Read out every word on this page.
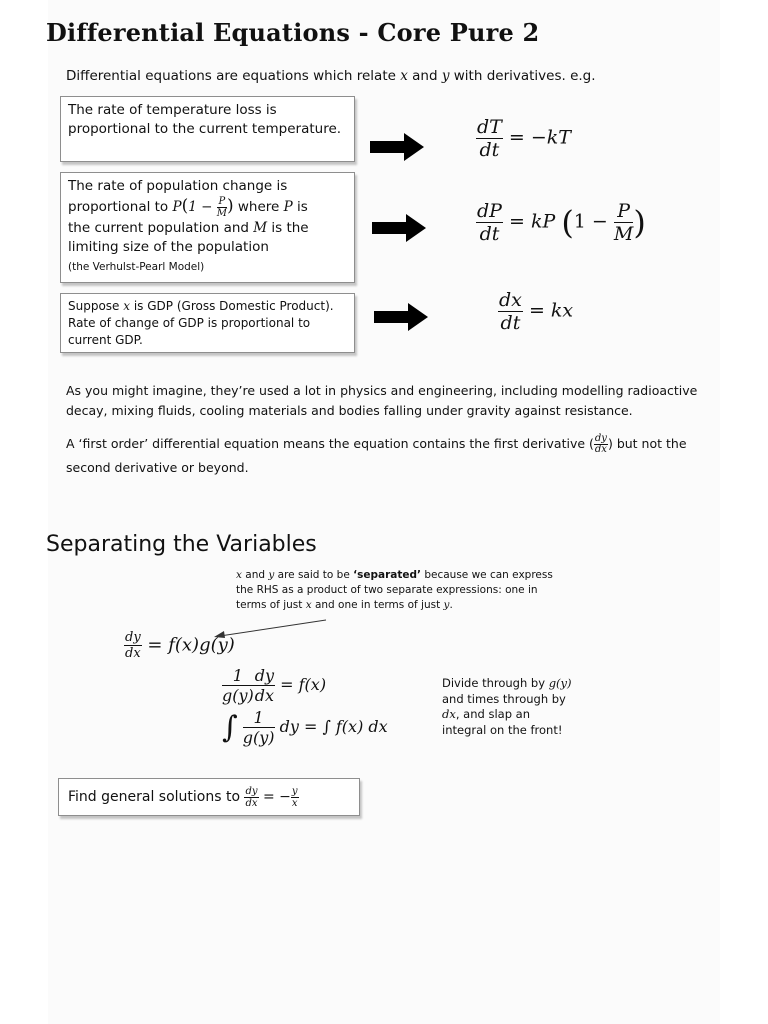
Differential Equations - Core Pure 2
Differential equations are equations which relate x and y with derivatives. e.g.
The rate of temperature loss is proportional to the current temperature.	$\frac{dT}{dt} = -kT$
The rate of population change is
proportional to $P(1 - \frac{P}{M}$ ) where P is
the current population and M is the
limiting size of the population
(the Verhulst-Pearl Model)
$\frac{dP}{dt}$ = kP ($1 - \frac{P}{M}$ )
Suppose x is GDP (Gross Domestic Product). Rate of change of GDP is proportional to current GDP.
$\frac{dx}{dt}$ = kx
As you might imagine, they’re used a lot in physics and engineering, including modelling radioactive decay, mixing fluids, cooling materials and bodies falling under gravity against resistance.
A ‘first order’ differential equation means the equation contains the first derivative ( $\frac{dy}{dx}$ ) but not the second derivative or beyond.
Separating the Variables
x and y are said to be ‘separated’ because we can express the RHS as a product of two separate expressions: one in terms of just x and one in terms of just y.
$\frac{dy}{dx} = f(x)g(y)$
$\frac{1}{g(y)} \frac{dy}{dx} = f(x)$
∫ $\frac{1}{g(y)}$ dy = ∫ f(x) dx
Divide through by g(y) and times through by dx, and slap an integral on the front!
Find general solutions to $\frac{dy}{dx}$ = − $\frac{y}{x}$
